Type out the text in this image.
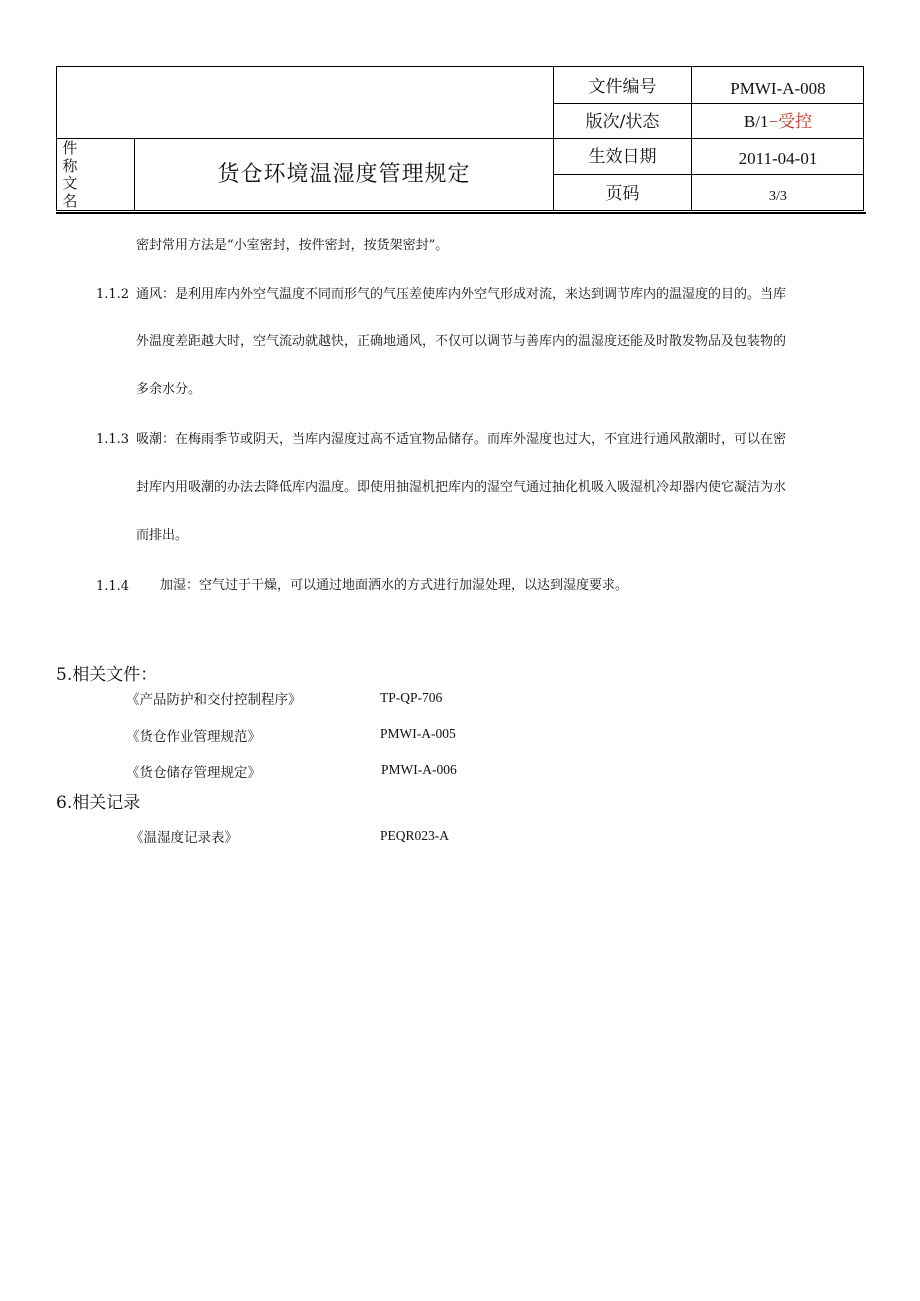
件
称
文
名
货仓环境温湿度管理规定
文件编号	PMWI-A-008
版次/状态	B/1−受控
生效日期	2011-04-01
页码	3/3
密封常用方法是“小室密封，按件密封，按货架密封”。
1.1.2 通风：是利用库内外空气温度不同而形气的气压差使库内外空气形成对流，来达到调节库内的温湿度的目的。当库
外温度差距越大时，空气流动就越快，正确地通风，不仅可以调节与善库内的温湿度还能及时散发物品及包装物的
多余水分。
1.1.3 吸潮：在梅雨季节或阴天，当库内湿度过高不适宜物品储存。而库外湿度也过大，不宜进行通风散潮时，可以在密
封库内用吸潮的办法去降低库内温度。即使用抽湿机把库内的湿空气通过抽化机吸入吸湿机冷却器内使它凝洁为水
而排出。
1.1.4 加湿：空气过于干燥，可以通过地面洒水的方式进行加湿处理，以达到湿度要求。
5.相关文件：
《产品防护和交付控制程序》	TP-QP-706
《货仓作业管理规范》	PMWI-A-005
《货仓储存管理规定》	PMWI-A-006
6.相关记录
《温湿度记录表》	PEQR023-A
